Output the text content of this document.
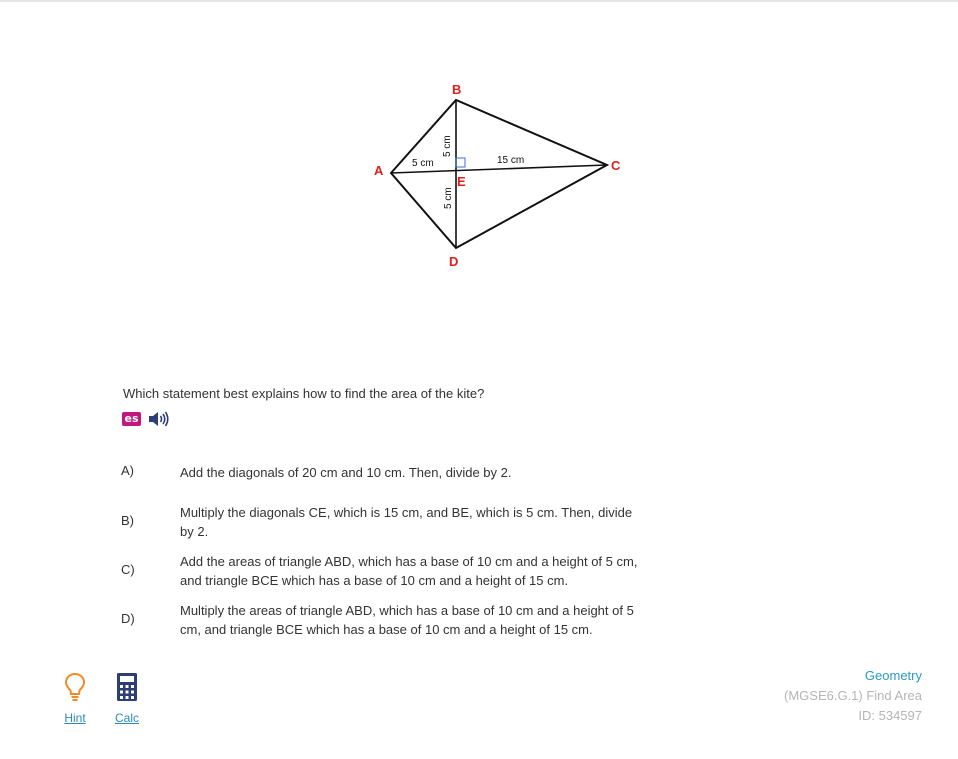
A
B
C
D
E
5 cm	15 cm
5 cm
5 cm
Which statement best explains how to find the area of the kite?
es
A)	Add the diagonals of 20 cm and 10 cm. Then, divide by 2.
B)
Multiply the diagonals CE, which is 15 cm, and BE, which is 5 cm. Then, divide by 2.
C)
Add the areas of triangle ABD, which has a base of 10 cm and a height of 5 cm, and triangle BCE which has a base of 10 cm and a height of 15 cm.
D)
Multiply the areas of triangle ABD, which has a base of 10 cm and a height of 5 cm, and triangle BCE which has a base of 10 cm and a height of 15 cm.
Hint	Calc
Geometry
(MGSE6.G.1) Find Area
ID: 534597
